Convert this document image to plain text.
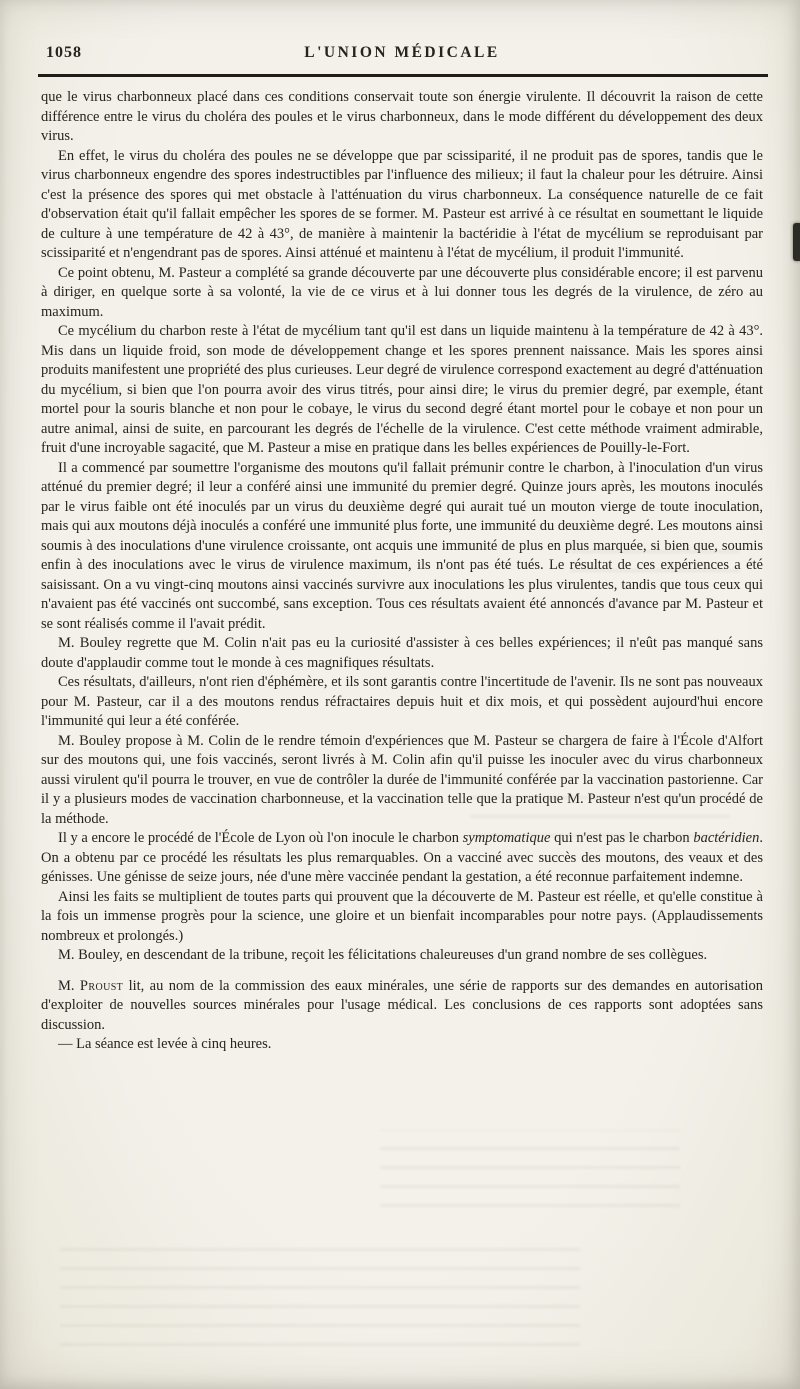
1058	L'UNION MÉDICALE

que le virus charbonneux placé dans ces conditions conservait toute son énergie virulente. Il découvrit la raison de cette différence entre le virus du choléra des poules et le virus charbonneux, dans le mode différent du développement des deux virus.

En effet, le virus du choléra des poules ne se développe que par scissiparité, il ne produit pas de spores, tandis que le virus charbonneux engendre des spores indestructibles par l'influence des milieux; il faut la chaleur pour les détruire. Ainsi c'est la présence des spores qui met obstacle à l'atténuation du virus charbonneux. La conséquence naturelle de ce fait d'observation était qu'il fallait empêcher les spores de se former. M. Pasteur est arrivé à ce résultat en soumettant le liquide de culture à une température de 42 à 43°, de manière à maintenir la bactéridie à l'état de mycélium se reproduisant par scissiparité et n'engendrant pas de spores. Ainsi atténué et maintenu à l'état de mycélium, il produit l'immunité.

Ce point obtenu, M. Pasteur a complété sa grande découverte par une découverte plus considérable encore; il est parvenu à diriger, en quelque sorte à sa volonté, la vie de ce virus et à lui donner tous les degrés de la virulence, de zéro au maximum.

Ce mycélium du charbon reste à l'état de mycélium tant qu'il est dans un liquide maintenu à la température de 42 à 43°. Mis dans un liquide froid, son mode de développement change et les spores prennent naissance. Mais les spores ainsi produits manifestent une propriété des plus curieuses. Leur degré de virulence correspond exactement au degré d'atténuation du mycélium, si bien que l'on pourra avoir des virus titrés, pour ainsi dire; le virus du premier degré, par exemple, étant mortel pour la souris blanche et non pour le cobaye, le virus du second degré étant mortel pour le cobaye et non pour un autre animal, ainsi de suite, en parcourant les degrés de l'échelle de la virulence. C'est cette méthode vraiment admirable, fruit d'une incroyable sagacité, que M. Pasteur a mise en pratique dans les belles expériences de Pouilly-le-Fort.

Il a commencé par soumettre l'organisme des moutons qu'il fallait prémunir contre le charbon, à l'inoculation d'un virus atténué du premier degré; il leur a conféré ainsi une immunité du premier degré. Quinze jours après, les moutons inoculés par le virus faible ont été inoculés par un virus du deuxième degré qui aurait tué un mouton vierge de toute inoculation, mais qui aux moutons déjà inoculés a conféré une immunité plus forte, une immunité du deuxième degré. Les moutons ainsi soumis à des inoculations d'une virulence croissante, ont acquis une immunité de plus en plus marquée, si bien que, soumis enfin à des inoculations avec le virus de virulence maximum, ils n'ont pas été tués. Le résultat de ces expériences a été saisissant. On a vu vingt-cinq moutons ainsi vaccinés survivre aux inoculations les plus virulentes, tandis que tous ceux qui n'avaient pas été vaccinés ont succombé, sans exception. Tous ces résultats avaient été annoncés d'avance par M. Pasteur et se sont réalisés comme il l'avait prédit.

M. Bouley regrette que M. Colin n'ait pas eu la curiosité d'assister à ces belles expériences; il n'eût pas manqué sans doute d'applaudir comme tout le monde à ces magnifiques résultats.

Ces résultats, d'ailleurs, n'ont rien d'éphémère, et ils sont garantis contre l'incertitude de l'avenir. Ils ne sont pas nouveaux pour M. Pasteur, car il a des moutons rendus réfractaires depuis huit et dix mois, et qui possèdent aujourd'hui encore l'immunité qui leur a été conférée.

M. Bouley propose à M. Colin de le rendre témoin d'expériences que M. Pasteur se chargera de faire à l'École d'Alfort sur des moutons qui, une fois vaccinés, seront livrés à M. Colin afin qu'il puisse les inoculer avec du virus charbonneux aussi virulent qu'il pourra le trouver, en vue de contrôler la durée de l'immunité conférée par la vaccination pastorienne. Car il y a plusieurs modes de vaccination charbonneuse, et la vaccination telle que la pratique M. Pasteur n'est qu'un procédé de la méthode.

Il y a encore le procédé de l'École de Lyon où l'on inocule le charbon symptomatique qui n'est pas le charbon bactéridien. On a obtenu par ce procédé les résultats les plus remarquables. On a vacciné avec succès des moutons, des veaux et des génisses. Une génisse de seize jours, née d'une mère vaccinée pendant la gestation, a été reconnue parfaitement indemne.

Ainsi les faits se multiplient de toutes parts qui prouvent que la découverte de M. Pasteur est réelle, et qu'elle constitue à la fois un immense progrès pour la science, une gloire et un bienfait incomparables pour notre pays. (Applaudissements nombreux et prolongés.)

M. Bouley, en descendant de la tribune, reçoit les félicitations chaleureuses d'un grand nombre de ses collègues.

M. Proust lit, au nom de la commission des eaux minérales, une série de rapports sur des demandes en autorisation d'exploiter de nouvelles sources minérales pour l'usage médical. Les conclusions de ces rapports sont adoptées sans discussion.

— La séance est levée à cinq heures.
